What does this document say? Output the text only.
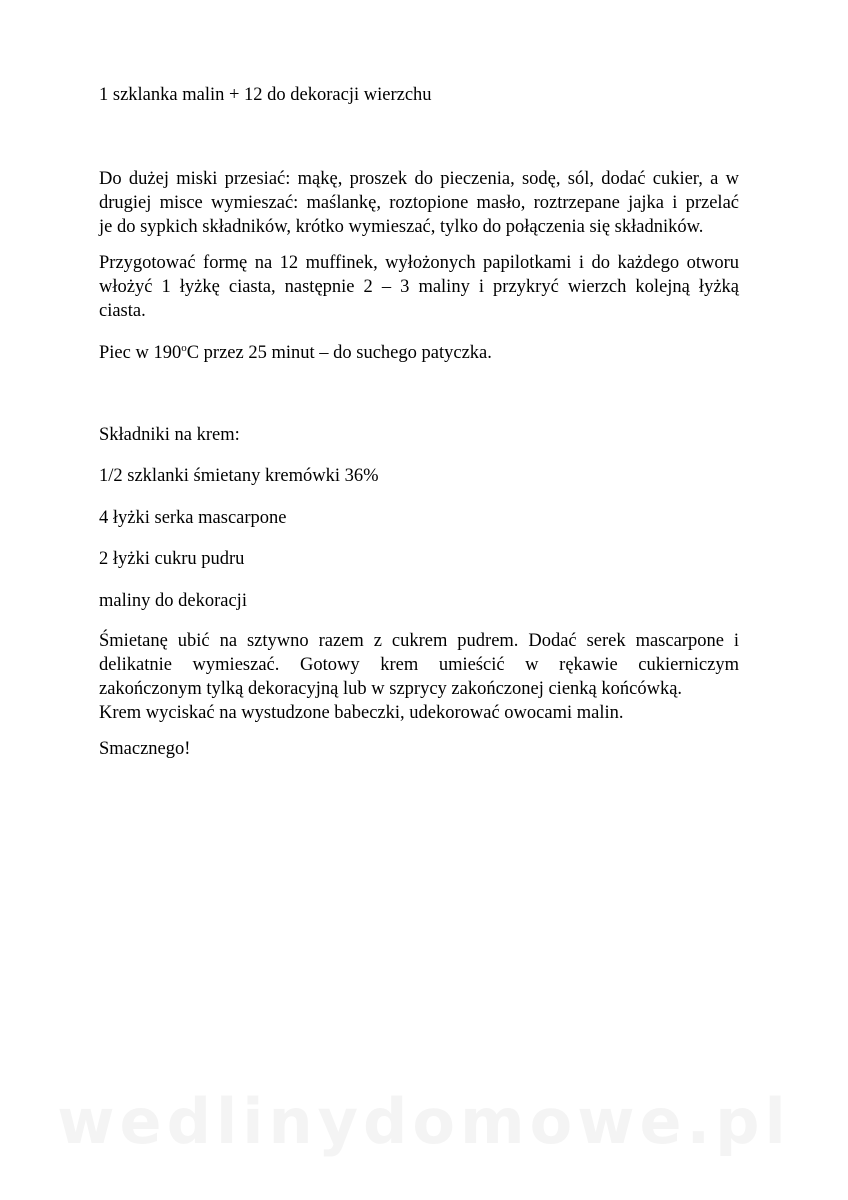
1 szklanka malin + 12 do dekoracji wierzchu

Do dużej miski przesiać: mąkę, proszek do pieczenia, sodę, sól, dodać cukier, a w
drugiej misce wymieszać: maślankę, roztopione masło, roztrzepane jajka i przelać
je do sypkich składników, krótko wymieszać, tylko do połączenia się składników.
Przygotować formę na 12 muffinek, wyłożonych papilotkami i do każdego otworu
włożyć 1 łyżkę ciasta, następnie 2 – 3 maliny i przykryć wierzch kolejną łyżką
ciasta.

Piec w 190$^o$C przez 25 minut – do suchego patyczka.

Składniki na krem:

1/2 szklanki śmietany kremówki 36%

4 łyżki serka mascarpone

2 łyżki cukru pudru

maliny do dekoracji

Śmietanę ubić na sztywno razem z cukrem pudrem. Dodać serek mascarpone i
delikatnie wymieszać. Gotowy krem umieścić w rękawie cukierniczym
zakończonym tylką dekoracyjną lub w szprycy zakończonej cienką końcówką.
Krem wyciskać na wystudzone babeczki, udekorować owocami malin.

Smacznego!

wedlinydomowe.pl
